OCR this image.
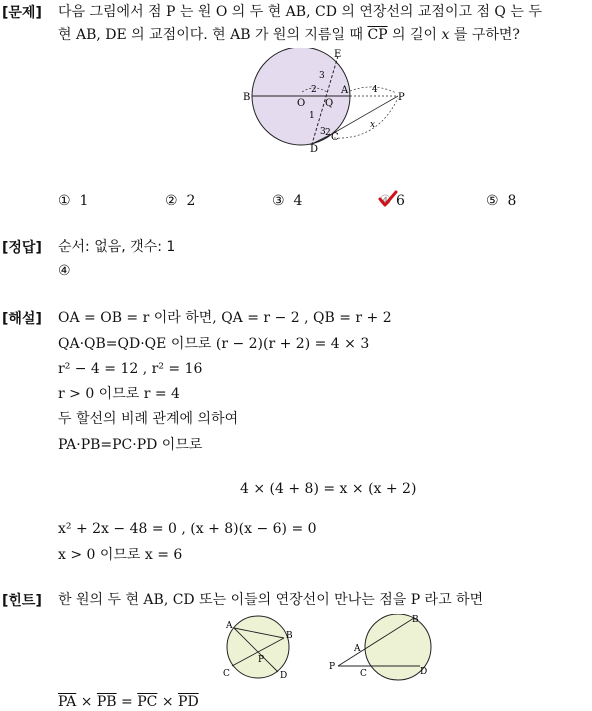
[문제] 다음 그림에서 점 P 는 원 O 의 두 현 AB, CD 의 연장선의 교점이고 점 Q 는 두
현 AB, DE 의 교점이다. 현 AB 가 원의 지름일 때 $\overline{CP}$ 의 길이 x 를 구하면?
B
O Q
A
P
E
D
C
3
2	4
1
3 2
x
① 1	② 2	③ 4	④ 6	⑤ 8
[정답] 순서: 없음, 갯수: 1
④
[해설] OA = OB = r 이라 하면, QA = r − 2 , QB = r + 2
QA·QB=QD·QE 이므로 (r − 2)(r + 2) = 4 × 3
r² − 4 = 12 , r² = 16
r > 0 이므로 r = 4
두 할선의 비례 관계에 의하여
PA·PB=PC·PD 이므로
4 × (4 + 8) = x × (x + 2)
x² + 2x − 48 = 0 , (x + 8)(x − 6) = 0
x > 0 이므로 x = 6
[힌트] 한 원의 두 현 AB, CD 또는 이들의 연장선이 만나는 점을 P 라고 하면
A
B
P
C	D
A
B
P
C	D
$\overline{PA} \times \overline{PB} = \overline{PC} \times \overline{PD}$
